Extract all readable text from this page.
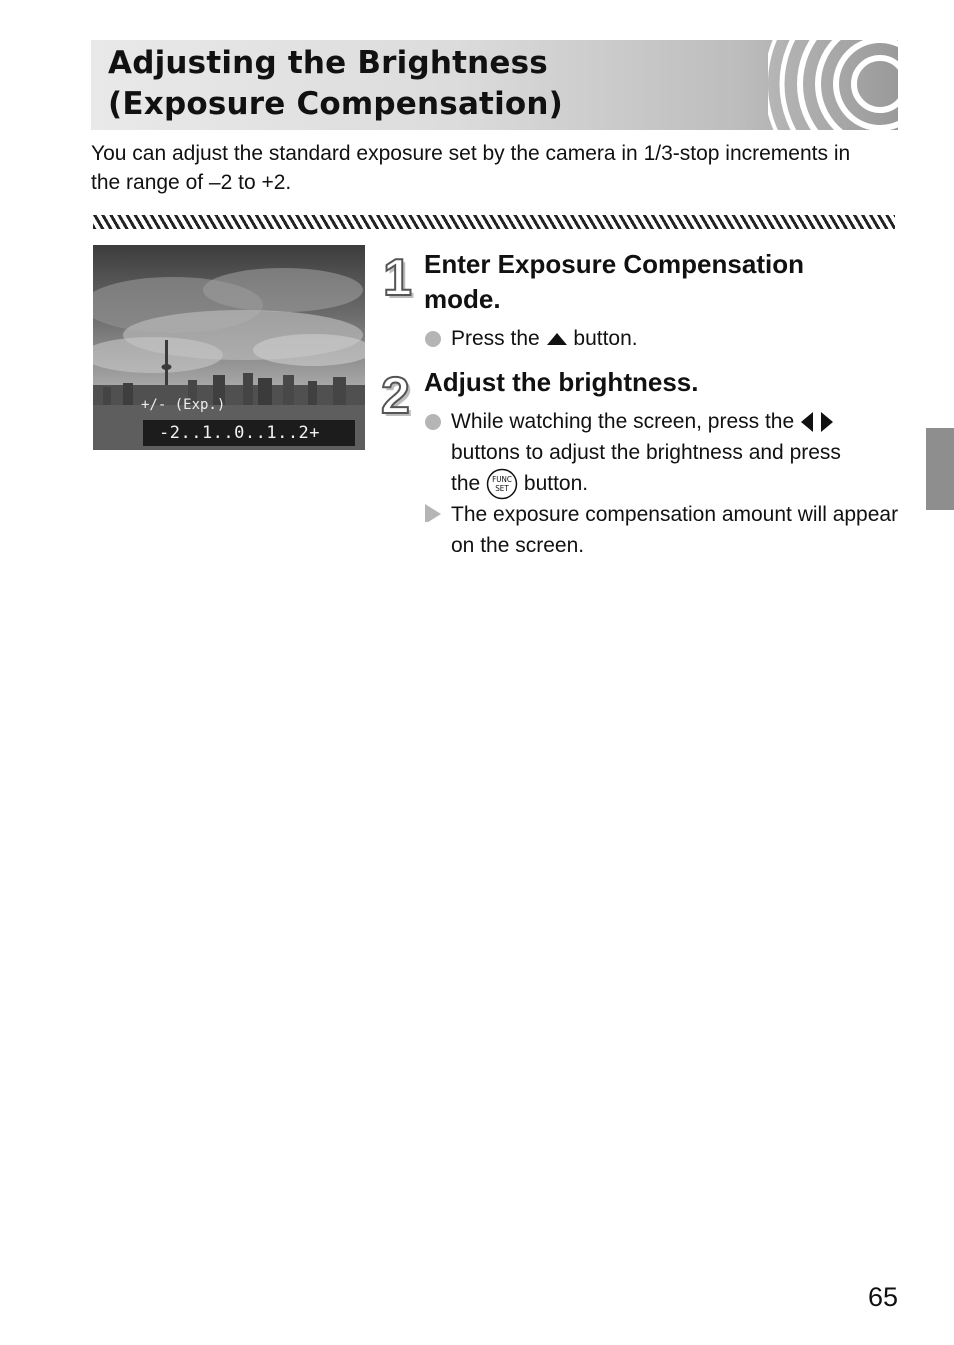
Adjusting the Brightness
(Exposure Compensation)

You can adjust the standard exposure set by the camera in 1/3-stop increments in the range of –2 to +2.

+/- (Exp.)
-2..1..0..1..2+
1 Enter Exposure Compensation mode.
Press the button.
2 Adjust the brightness.
While watching the screen, press the
buttons to adjust the brightness and press
the FUNC
SET button.
The exposure compensation amount will appear on the screen.
65
